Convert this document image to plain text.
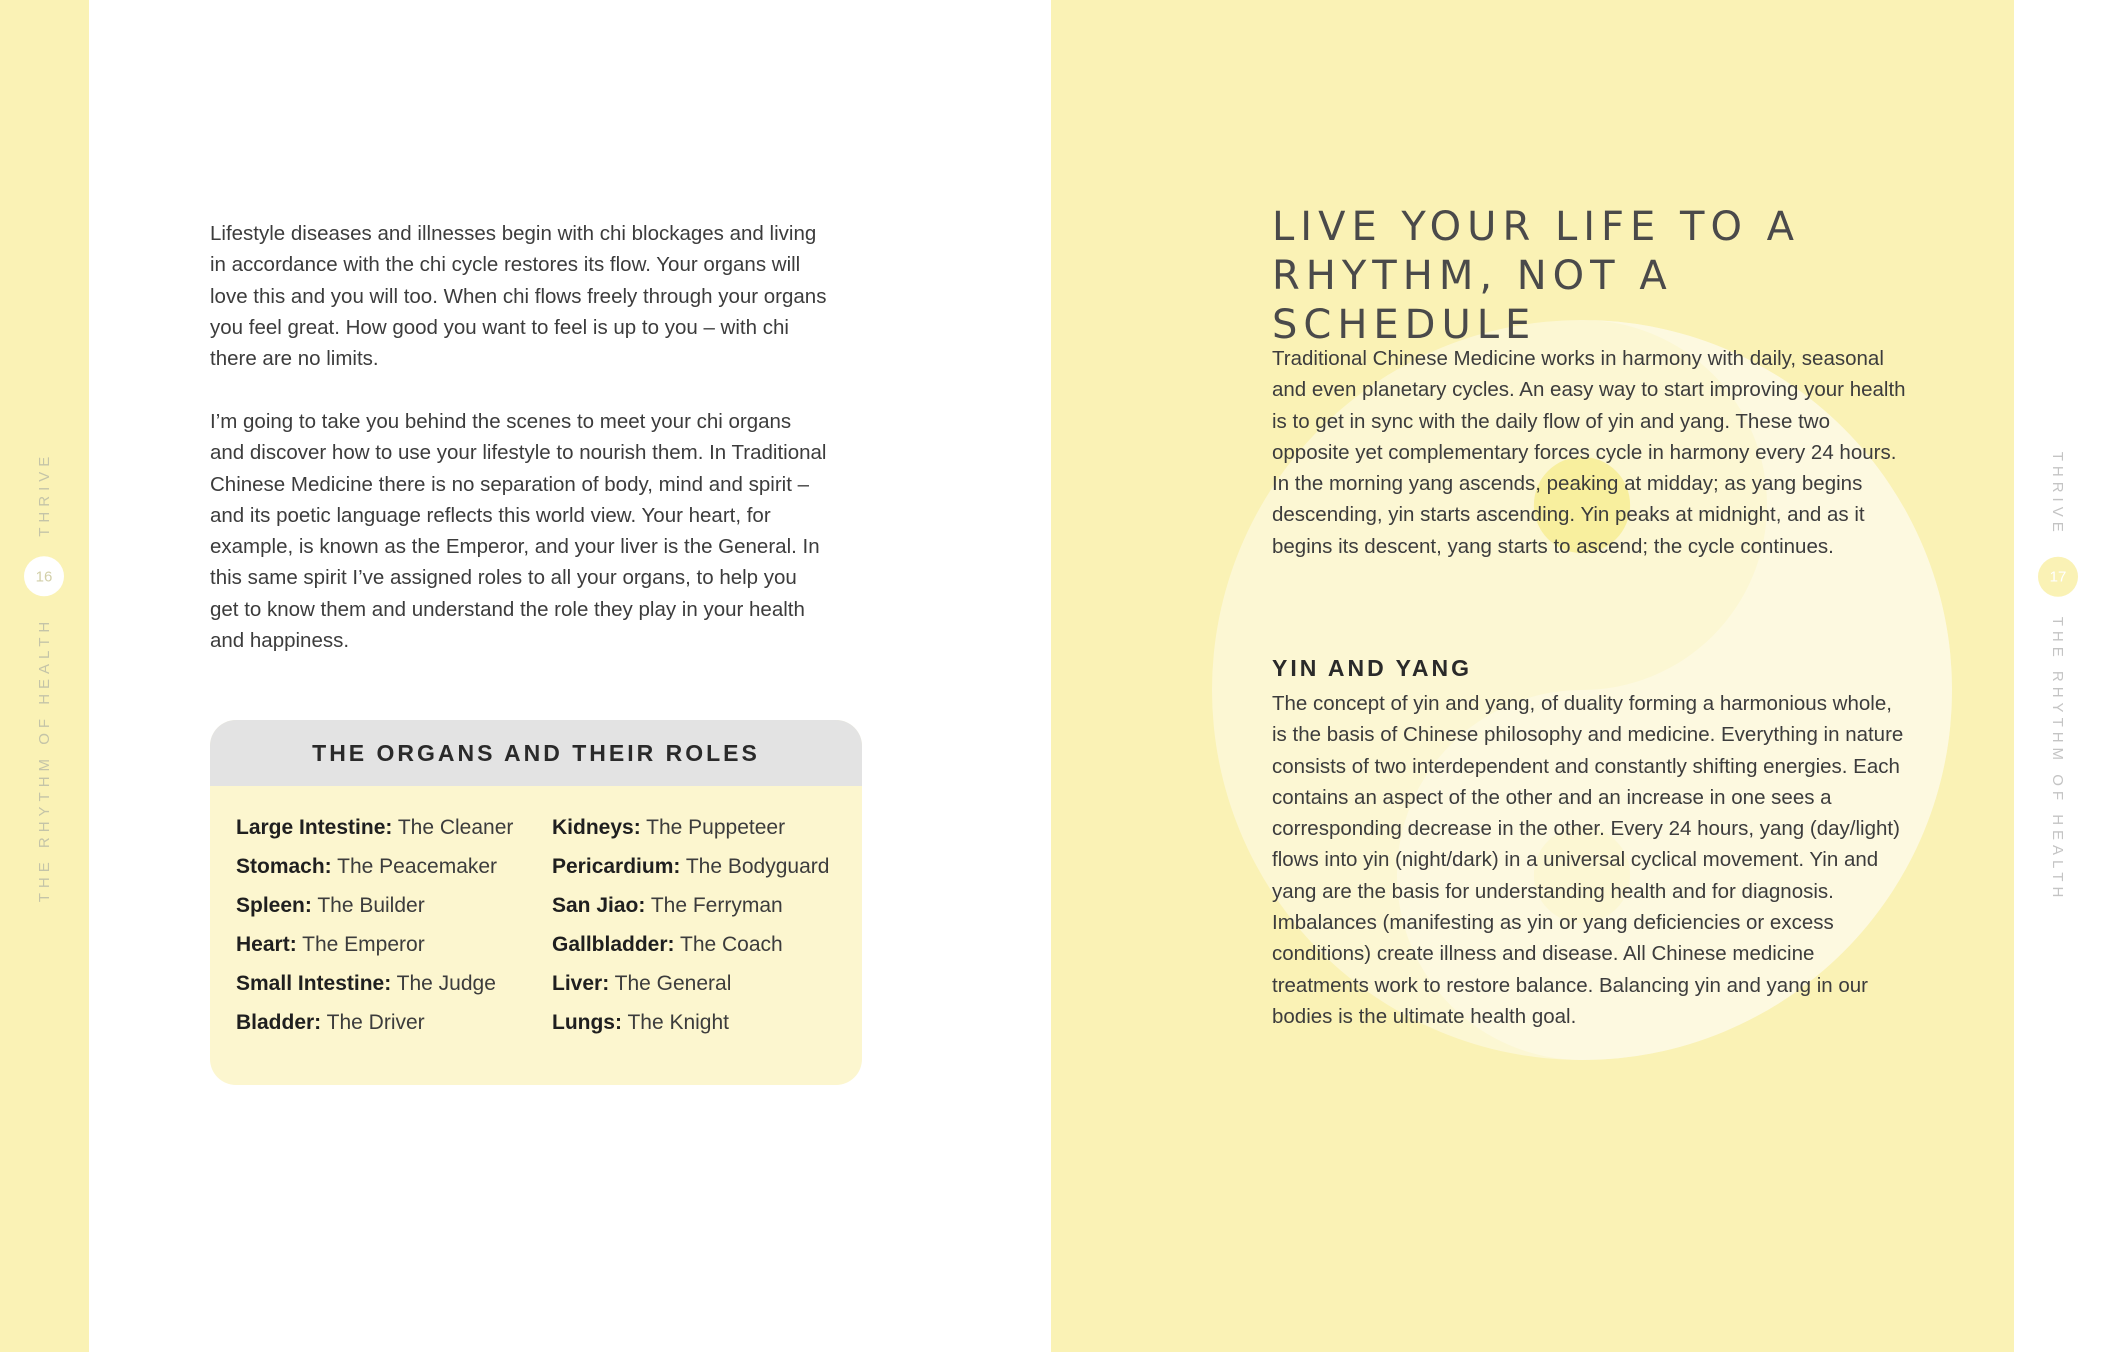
THE RHYTHM OF HEALTH
16
THRIVE	THRIVE
17
THE RHYTHM OF HEALTH
Lifestyle diseases and illnesses begin with chi blockages and living in accordance with the chi cycle restores its flow. Your organs will love this and you will too. When chi flows freely through your organs you feel great. How good you want to feel is up to you – with chi there are no limits.
I’m going to take you behind the scenes to meet your chi organs and discover how to use your lifestyle to nourish them. In Traditional Chinese Medicine there is no separation of body, mind and spirit – and its poetic language reflects this world view. Your heart, for example, is known as the Emperor, and your liver is the General. In this same spirit I’ve assigned roles to all your organs, to help you get to know them and understand the role they play in your health and happiness.
THE ORGANS AND THEIR ROLES
Large Intestine: The Cleaner
Stomach: The Peacemaker
Spleen: The Builder
Heart: The Emperor
Small Intestine: The Judge
Bladder: The Driver
Kidneys: The Puppeteer
Pericardium: The Bodyguard
San Jiao: The Ferryman
Gallbladder: The Coach
Liver: The General
Lungs: The Knight
LIVE YOUR LIFE TO A
RHYTHM, NOT A SCHEDULE
Traditional Chinese Medicine works in harmony with daily, seasonal and even planetary cycles. An easy way to start improving your health is to get in sync with the daily flow of yin and yang. These two opposite yet complementary forces cycle in harmony every 24 hours. In the morning yang ascends, peaking at midday; as yang begins descending, yin starts ascending. Yin peaks at midnight, and as it begins its descent, yang starts to ascend; the cycle continues.
YIN AND YANG
The concept of yin and yang, of duality forming a harmonious whole, is the basis of Chinese philosophy and medicine. Everything in nature consists of two interdependent and constantly shifting energies. Each contains an aspect of the other and an increase in one sees a corresponding decrease in the other. Every 24 hours, yang (day/light) flows into yin (night/dark) in a universal cyclical movement. Yin and yang are the basis for understanding health and for diagnosis. Imbalances (manifesting as yin or yang deficiencies or excess conditions) create illness and disease. All Chinese medicine treatments work to restore balance. Balancing yin and yang in our bodies is the ultimate health goal.
